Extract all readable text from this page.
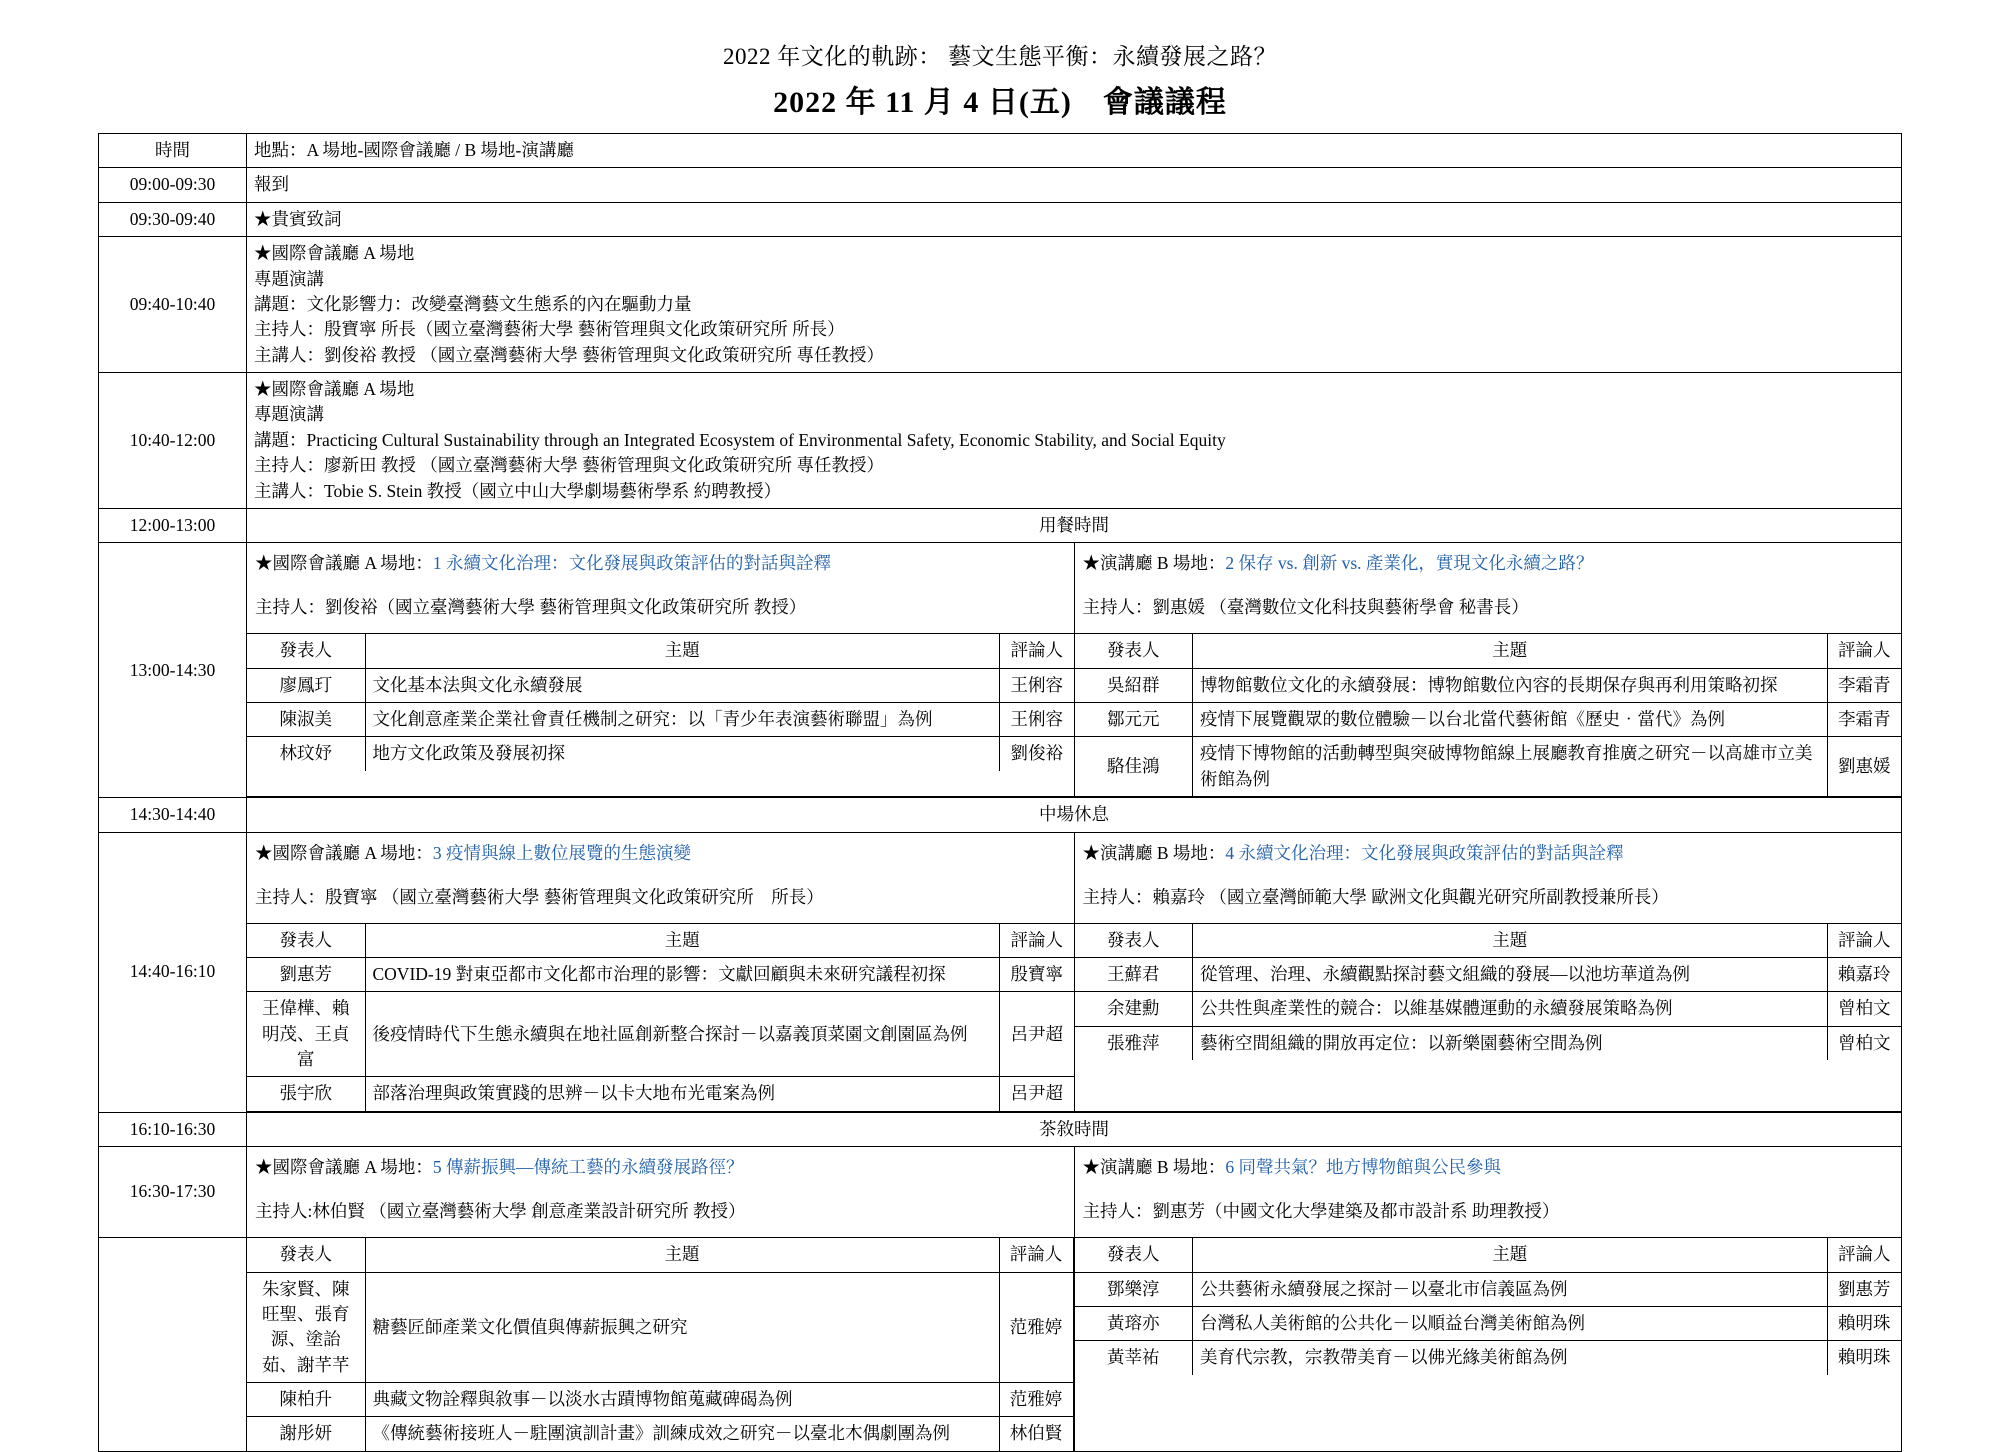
2022 年文化的軌跡： 藝文生態平衡：永續發展之路？
2022 年 11 月 4 日(五)　會議議程
時間	地點：A 場地-國際會議廳 / B 場地-演講廳
09:00-09:30	報到
09:30-09:40	★貴賓致詞
09:40-10:40	
★國際會議廳 A 場地
專題演講
講題：文化影響力：改變臺灣藝文生態系的內在驅動力量
主持人：殷寶寧 所長（國立臺灣藝術大學 藝術管理與文化政策研究所 所長）
主講人：劉俊裕 教授 （國立臺灣藝術大學 藝術管理與文化政策研究所 專任教授）

10:40-12:00	
★國際會議廳 A 場地
專題演講
講題：Practicing Cultural Sustainability through an Integrated Ecosystem of Environmental Safety, Economic Stability, and Social Equity
主持人：廖新田 教授 （國立臺灣藝術大學 藝術管理與文化政策研究所 專任教授）
主講人：Tobie S. Stein 教授（國立中山大學劇場藝術學系 約聘教授）

12:00-13:00	用餐時間
13:00-14:30	
★國際會議廳 A 場地：1 永續文化治理：文化發展與政策評估的對話與詮釋
主持人：劉俊裕（國立臺灣藝術大學 藝術管理與文化政策研究所 教授）
發表人	主題	評論人
廖鳳玎	文化基本法與文化永續發展	王俐容
陳淑美	文化創意產業企業社會責任機制之研究：以「青少年表演藝術聯盟」為例	王俐容
林玟妤	地方文化政策及發展初探	劉俊裕

★演講廳 B 場地：2 保存 vs. 創新 vs. 產業化，實現文化永續之路？
主持人：劉惠媛 （臺灣數位文化科技與藝術學會 秘書長）
發表人	主題	評論人
吳紹群	博物館數位文化的永續發展：博物館數位內容的長期保存與再利用策略初探	李霜青
鄒元元	疫情下展覽觀眾的數位體驗－以台北當代藝術館《歷史‧當代》為例	李霜青
駱佳鴻	疫情下博物館的活動轉型與突破博物館線上展廳教育推廣之研究－以高雄市立美術館為例	劉惠媛

14:30-14:40	中場休息
14:40-16:10	
★國際會議廳 A 場地：3 疫情與線上數位展覽的生態演變
主持人：殷寶寧 （國立臺灣藝術大學 藝術管理與文化政策研究所　所長）
發表人	主題	評論人
劉惠芳	COVID-19 對東亞都市文化都市治理的影響：文獻回顧與未來研究議程初探	殷寶寧
王偉樺、賴明茂、王貞富	後疫情時代下生態永續與在地社區創新整合探討－以嘉義頂菜園文創園區為例	呂尹超
張宇欣	部落治理與政策實踐的思辨－以卡大地布光電案為例	呂尹超

★演講廳 B 場地：4 永續文化治理：文化發展與政策評估的對話與詮釋
主持人：賴嘉玲 （國立臺灣師範大學 歐洲文化與觀光研究所副教授兼所長）
發表人	主題	評論人
王蘚君	從管理、治理、永續觀點探討藝文組織的發展—以池坊華道為例	賴嘉玲
余建勳	公共性與產業性的競合：以維基媒體運動的永續發展策略為例	曾柏文
張雅萍	藝術空間組織的開放再定位：以新樂園藝術空間為例	曾柏文

16:10-16:30	茶敘時間
16:30-17:30	
★國際會議廳 A 場地：5 傳薪振興—傳統工藝的永續發展路徑？
主持人:林伯賢 （國立臺灣藝術大學 創意產業設計研究所 教授）

★演講廳 B 場地：6 同聲共氣？地方博物館與公民參與
主持人：劉惠芳（中國文化大學建築及都市設計系 助理教授）

發表人	主題	評論人
朱家賢、陳旺聖、張育源、塗詒茹、謝芊芊	糖藝匠師產業文化價值與傳薪振興之研究	范雅婷
陳柏升	典藏文物詮釋與敘事－以淡水古蹟博物館蒐藏碑碣為例	范雅婷
謝彤妍	《傳統藝術接班人－駐團演訓計畫》訓練成效之研究－以臺北木偶劇團為例	林伯賢

發表人	主題	評論人
鄧樂淳	公共藝術永續發展之探討－以臺北市信義區為例	劉惠芳
黃瑢亦	台灣私人美術館的公共化－以順益台灣美術館為例	賴明珠
黃莘祐	美育代宗教，宗教帶美育－以佛光緣美術館為例	賴明珠
